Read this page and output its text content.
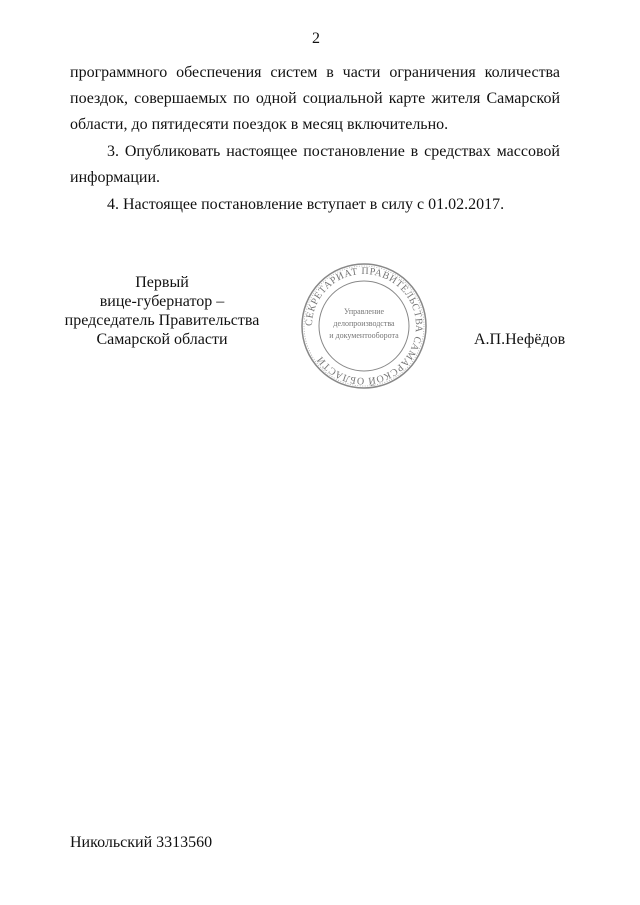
2
программного обеспечения систем в части ограничения количества
поездок, совершаемых по одной социальной карте жителя Самарской
области, до пятидесяти поездок в месяц включительно.
3. Опубликовать настоящее постановление в средствах массовой
информации.
4. Настоящее постановление вступает в силу с 01.02.2017.
Первый
вице-губернатор –
председатель Правительства
Самарской области	А.П.Нефёдов
СЕКРЕТАРИАТ ПРАВИТЕЛЬСТВА САМАРСКОЙ ОБЛАСТИ
Управление делопроизводства и документооборота
Никольский 3313560
